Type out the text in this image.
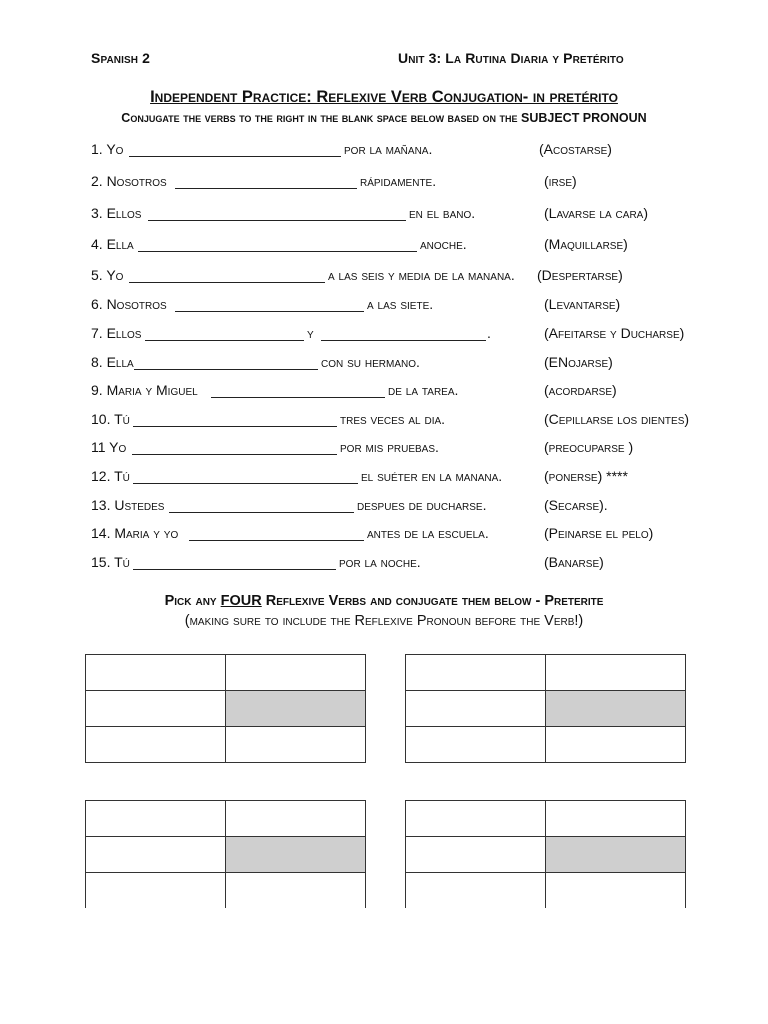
Spanish 2	Unit 3: La Rutina Diaria y Pretérito
Independent Practice: Reflexive Verb Conjugation- in pretérito
Conjugate the verbs to the right in the blank space below based on the SUBJECT PRONOUN
1. Yo	por la mañana.	(Acostarse)
2. Nosotros	rápidamente.	(irse)
3. Ellos	en el bano.	(Lavarse la cara)
4. Ella	anoche.	(Maquillarse)
5. Yo	a las seis y media de la manana. (Despertarse)
6. Nosotros	a las siete.	(Levantarse)
7. Ellos	y	.	(Afeitarse y Ducharse)
8. Ella	con su hermano.	(ENojarse)
9. Maria y Miguel	de la tarea.	(acordarse)
10. Tú	tres veces al dia.	(Cepillarse los dientes)
11 Yo	por mis pruebas.	(preocuparse )
12. Tú	el suéter en la manana.	(ponerse) ****
13. Ustedes	despues de ducharse.	(Secarse).
14. Maria y yo	antes de la escuela.	(Peinarse el pelo)
15. Tú	por la noche.	(Banarse)
Pick any FOUR Reflexive Verbs and conjugate them below - Preterite
(making sure to include the Reflexive Pronoun before the Verb!)
